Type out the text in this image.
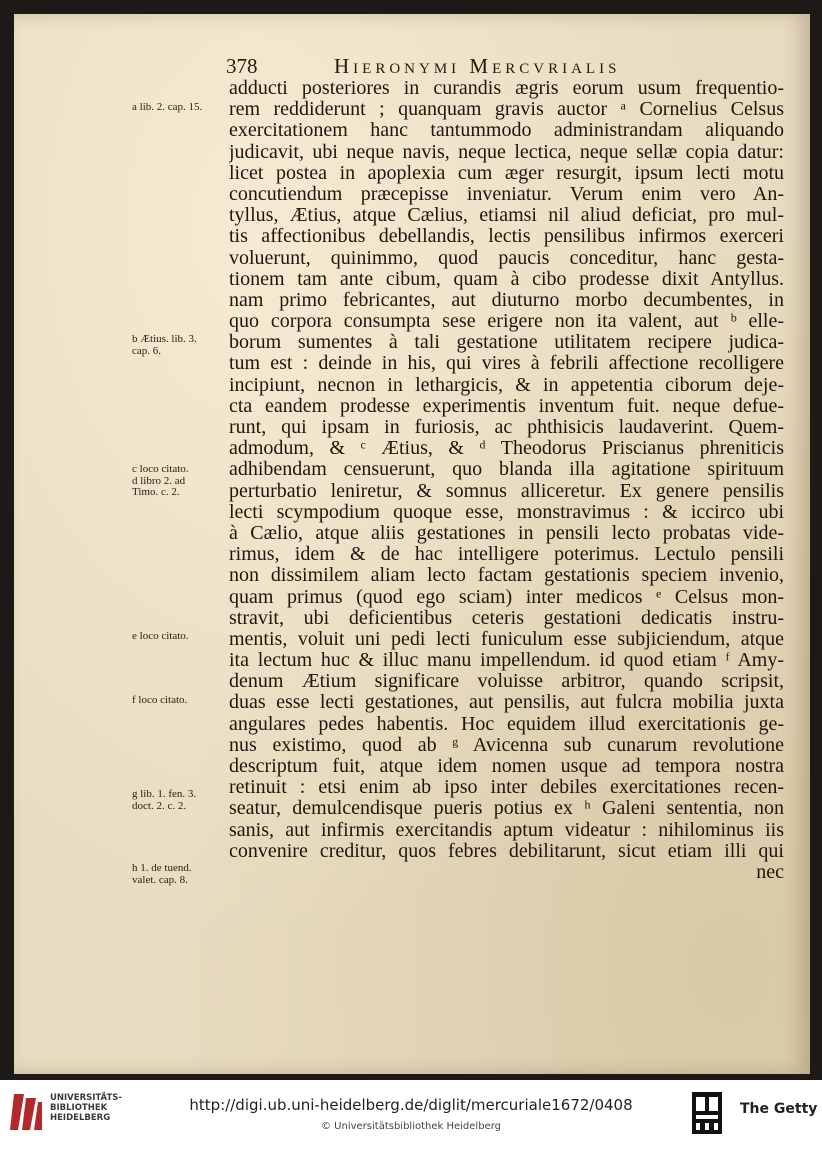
378	Hieronymi Mercvrialis
adducti posteriores in curandis ægris eorum usum frequentio-
rem reddiderunt ; quanquam gravis auctor ᵃ Cornelius Celsus
exercitationem hanc tantummodo administrandam aliquando
judicavit, ubi neque navis, neque lectica, neque sellæ copia datur:
licet postea in apoplexia cum æger resurgit, ipsum lecti motu
concutiendum præcepisse inveniatur. Verum enim vero An-
tyllus, Ætius, atque Cælius, etiamsi nil aliud deficiat, pro mul-
tis affectionibus debellandis, lectis pensilibus infirmos exerceri
voluerunt, quinimmo, quod paucis conceditur, hanc gesta-
tionem tam ante cibum, quam à cibo prodesse dixit Antyllus.
nam primo febricantes, aut diuturno morbo decumbentes, in
quo corpora consumpta sese erigere non ita valent, aut ᵇ elle-
borum sumentes à tali gestatione utilitatem recipere judica-
tum est : deinde in his, qui vires à febrili affectione recolligere
incipiunt, necnon in lethargicis, & in appetentia ciborum deje-
cta eandem prodesse experimentis inventum fuit. neque defue-
runt, qui ipsam in furiosis, ac phthisicis laudaverint. Quem-
admodum, & ᶜ Ætius, & ᵈ Theodorus Priscianus phreniticis
adhibendam censuerunt, quo blanda illa agitatione spirituum
perturbatio leniretur, & somnus alliceretur. Ex genere pensilis
lecti scympodium quoque esse, monstravimus : & iccirco ubi
à Cælio, atque aliis gestationes in pensili lecto probatas vide-
rimus, idem & de hac intelligere poterimus. Lectulo pensili
non dissimilem aliam lecto factam gestationis speciem invenio,
quam primus (quod ego sciam) inter medicos ᵉ Celsus mon-
stravit, ubi deficientibus ceteris gestationi dedicatis instru-
mentis, voluit uni pedi lecti funiculum esse subjiciendum, atque
ita lectum huc & illuc manu impellendum. id quod etiam ᶠ Amy-
denum Ætium significare voluisse arbitror, quando scripsit,
duas esse lecti gestationes, aut pensilis, aut fulcra mobilia juxta
angulares pedes habentis. Hoc equidem illud exercitationis ge-
nus existimo, quod ab ᵍ Avicenna sub cunarum revolutione
descriptum fuit, atque idem nomen usque ad tempora nostra
retinuit : etsi enim ab ipso inter debiles exercitationes recen-
seatur, demulcendisque pueris potius ex ʰ Galeni sententia, non
sanis, aut infirmis exercitandis aptum videatur : nihilominus iis
convenire creditur, quos febres debilitarunt, sicut etiam illi qui
nec
a lib. 2. cap. 15.
b Ætius. lib. 3.
cap. 6.
c loco citato.
d libro 2. ad
Timo. c. 2.
e loco citato.
f loco citato.
g lib. 1. fen. 3.
doct. 2. c. 2.
h 1. de tuend.
valet. cap. 8.
UNIVERSITÄTS-
BIBLIOTHEK
HEIDELBERG
http://digi.ub.uni-heidelberg.de/diglit/mercuriale1672/0408
© Universitätsbibliothek Heidelberg
The Getty
